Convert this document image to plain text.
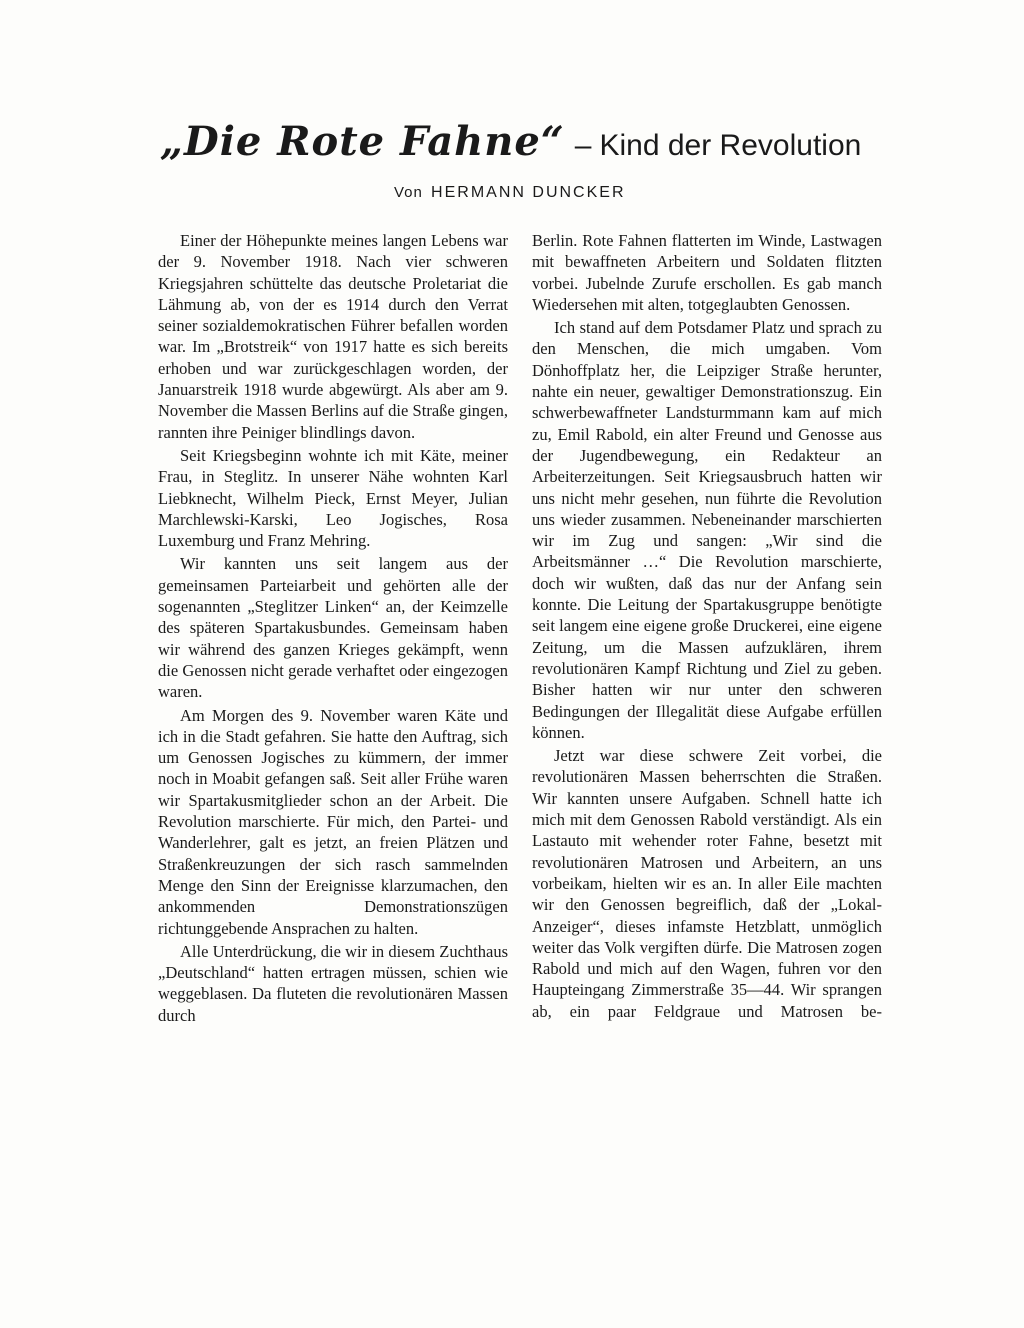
„Die Rote Fahne“ – Kind der Revolution
Von HERMANN DUNCKER

Einer der Höhepunkte meines langen Lebens war der 9. November 1918. Nach vier schweren Kriegsjahren schüttelte das deutsche Proletariat die Lähmung ab, von der es 1914 durch den Verrat seiner sozialdemokratischen Führer befallen worden war. Im „Brotstreik“ von 1917 hatte es sich bereits erhoben und war zurückgeschlagen worden, der Januarstreik 1918 wurde abgewürgt. Als aber am 9. November die Massen Berlins auf die Straße gingen, rannten ihre Peiniger blindlings davon.

Seit Kriegsbeginn wohnte ich mit Käte, meiner Frau, in Steglitz. In unserer Nähe wohnten Karl Liebknecht, Wilhelm Pieck, Ernst Meyer, Julian Marchlewski-Karski, Leo Jogisches, Rosa Luxemburg und Franz Mehring.

Wir kannten uns seit langem aus der gemeinsamen Parteiarbeit und gehörten alle der sogenannten „Steglitzer Linken“ an, der Keimzelle des späteren Spartakusbundes. Gemeinsam haben wir während des ganzen Krieges gekämpft, wenn die Genossen nicht gerade verhaftet oder eingezogen waren.

Am Morgen des 9. November waren Käte und ich in die Stadt gefahren. Sie hatte den Auftrag, sich um Genossen Jogisches zu kümmern, der immer noch in Moabit gefangen saß. Seit aller Frühe waren wir Spartakusmitglieder schon an der Arbeit. Die Revolution marschierte. Für mich, den Partei- und Wanderlehrer, galt es jetzt, an freien Plätzen und Straßenkreuzungen der sich rasch sammelnden Menge den Sinn der Ereignisse klarzumachen, den ankommenden Demonstrationszügen richtunggebende Ansprachen zu halten.

Alle Unterdrückung, die wir in diesem Zuchthaus „Deutschland“ hatten ertragen müssen, schien wie weggeblasen. Da fluteten die revolutionären Massen durch

Berlin. Rote Fahnen flatterten im Winde, Lastwagen mit bewaffneten Arbeitern und Soldaten flitzten vorbei. Jubelnde Zurufe erschollen. Es gab manch Wiedersehen mit alten, totgeglaubten Genossen.

Ich stand auf dem Potsdamer Platz und sprach zu den Menschen, die mich umgaben. Vom Dönhoffplatz her, die Leipziger Straße herunter, nahte ein neuer, gewaltiger Demonstrationszug. Ein schwerbewaffneter Landsturmmann kam auf mich zu, Emil Rabold, ein alter Freund und Genosse aus der Jugendbewegung, ein Redakteur an Arbeiterzeitungen. Seit Kriegsausbruch hatten wir uns nicht mehr gesehen, nun führte die Revolution uns wieder zusammen. Nebeneinander marschierten wir im Zug und sangen: „Wir sind die Arbeitsmänner …“ Die Revolution marschierte, doch wir wußten, daß das nur der Anfang sein konnte. Die Leitung der Spartakusgruppe benötigte seit langem eine eigene große Druckerei, eine eigene Zeitung, um die Massen aufzuklären, ihrem revolutionären Kampf Richtung und Ziel zu geben. Bisher hatten wir nur unter den schweren Bedingungen der Illegalität diese Aufgabe erfüllen können.

Jetzt war diese schwere Zeit vorbei, die revolutionären Massen beherrschten die Straßen. Wir kannten unsere Aufgaben. Schnell hatte ich mich mit dem Genossen Rabold verständigt. Als ein Lastauto mit wehender roter Fahne, besetzt mit revolutionären Matrosen und Arbeitern, an uns vorbeikam, hielten wir es an. In aller Eile machten wir den Genossen begreiflich, daß der „Lokal-Anzeiger“, dieses infamste Hetzblatt, unmöglich weiter das Volk vergiften dürfe. Die Matrosen zogen Rabold und mich auf den Wagen, fuhren vor den Haupteingang Zimmerstraße 35—44. Wir sprangen ab, ein paar Feldgraue und Matrosen be-
